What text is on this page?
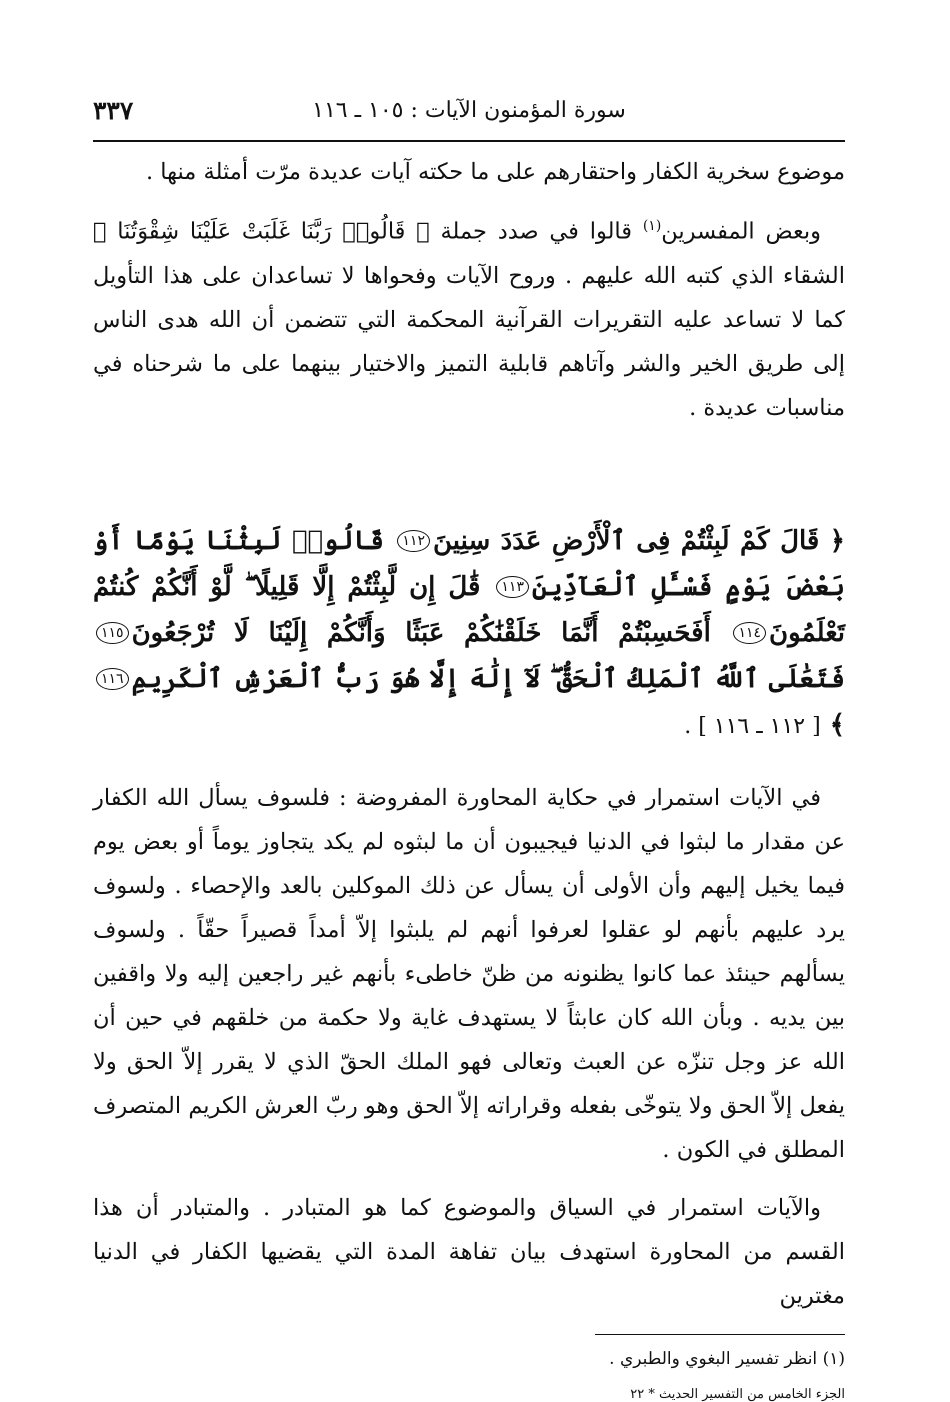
سورة المؤمنون الآيات : ١٠٥ ـ ١١٦
٣٣٧

موضوع سخرية الكفار واحتقارهم على ما حكته آيات عديدة مرّت أمثلة منها .

وبعض المفسرين$^{(١)}$ قالوا في صدد جملة ﴿ قَالُوا۟ رَبَّنَا غَلَبَتْ عَلَيْنَا شِقْوَتُنَا ﴾ الشقاء الذي كتبه الله عليهم . وروح الآيات وفحواها لا تساعدان على هذا التأويل كما لا تساعد عليه التقريرات القرآنية المحكمة التي تتضمن أن الله هدى الناس إلى طريق الخير والشر وآتاهم قابلية التميز والاختيار بينهما على ما شرحناه في مناسبات عديدة .

﴿ قَالَ كَمْ لَبِثْتُمْ فِى ٱلْأَرْضِ عَدَدَ سِنِينَ١١٢ قَالُوا۟ لَبِثْنَا يَوْمًا أَوْ بَعْضَ يَوْمٍ فَسْـَٔلِ ٱلْعَآدِّينَ١١٣ قَٰلَ إِن لَّبِثْتُمْ إِلَّا قَلِيلًا ۖ لَّوْ أَنَّكُمْ كُنتُمْ تَعْلَمُونَ١١٤ أَفَحَسِبْتُمْ أَنَّمَا خَلَقْنَٰكُمْ عَبَثًا وَأَنَّكُمْ إِلَيْنَا لَا تُرْجَعُونَ١١٥ فَتَعَٰلَى ٱللَّهُ ٱلْمَلِكُ ٱلْحَقُّ ۖ لَآ إِلَٰهَ إِلَّا هُوَ رَبُّ ٱلْعَرْشِ ٱلْكَرِيمِ١١٦ ﴾ [ ١١٢ ـ ١١٦ ] .

في الآيات استمرار في حكاية المحاورة المفروضة : فلسوف يسأل الله الكفار عن مقدار ما لبثوا في الدنيا فيجيبون أن ما لبثوه لم يكد يتجاوز يوماً أو بعض يوم فيما يخيل إليهم وأن الأولى أن يسأل عن ذلك الموكلين بالعد والإحصاء . ولسوف يرد عليهم بأنهم لو عقلوا لعرفوا أنهم لم يلبثوا إلاّ أمداً قصيراً حقّاً . ولسوف يسألهم حينئذ عما كانوا يظنونه من ظنّ خاطىء بأنهم غير راجعين إليه ولا واقفين بين يديه . وبأن الله كان عابثاً لا يستهدف غاية ولا حكمة من خلقهم في حين أن الله عز وجل تنزّه عن العبث وتعالى فهو الملك الحقّ الذي لا يقرر إلاّ الحق ولا يفعل إلاّ الحق ولا يتوخّى بفعله وقراراته إلاّ الحق وهو ربّ العرش الكريم المتصرف المطلق في الكون .

والآيات استمرار في السياق والموضوع كما هو المتبادر . والمتبادر أن هذا القسم من المحاورة استهدف بيان تفاهة المدة التي يقضيها الكفار في الدنيا مغترين

(١) انظر تفسير البغوي والطبري .
الجزء الخامس من التفسير الحديث * ٢٢
